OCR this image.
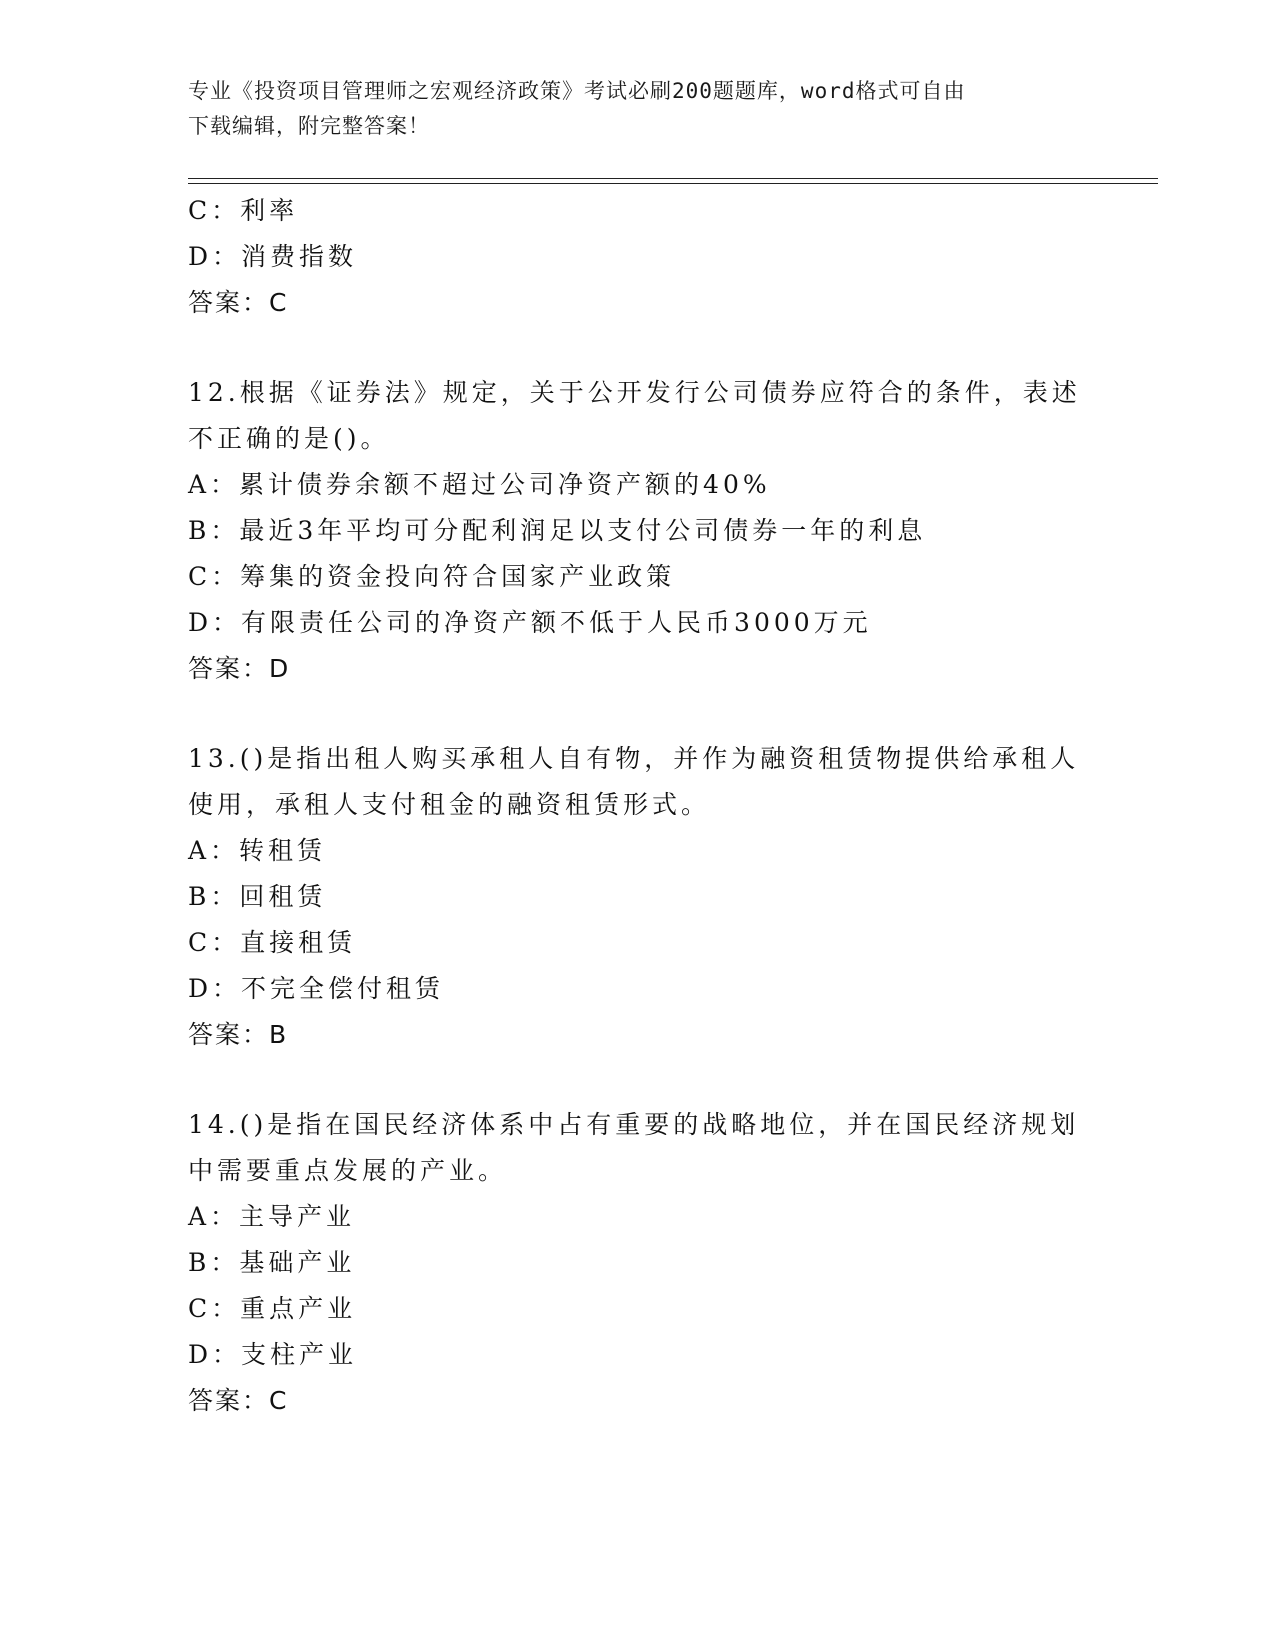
专业《投资项目管理师之宏观经济政策》考试必刷200题题库，word格式可自由
下载编辑，附完整答案！
C：利率
D：消费指数
答案：C
12.根据《证券法》规定，关于公开发行公司债券应符合的条件，表述
不正确的是()。
A：累计债券余额不超过公司净资产额的40%
B：最近3年平均可分配利润足以支付公司债券一年的利息
C：筹集的资金投向符合国家产业政策
D：有限责任公司的净资产额不低于人民币3000万元
答案：D
13.()是指出租人购买承租人自有物，并作为融资租赁物提供给承租人
使用，承租人支付租金的融资租赁形式。
A：转租赁
B：回租赁
C：直接租赁
D：不完全偿付租赁
答案：B
14.()是指在国民经济体系中占有重要的战略地位，并在国民经济规划
中需要重点发展的产业。
A：主导产业
B：基础产业
C：重点产业
D：支柱产业
答案：C
